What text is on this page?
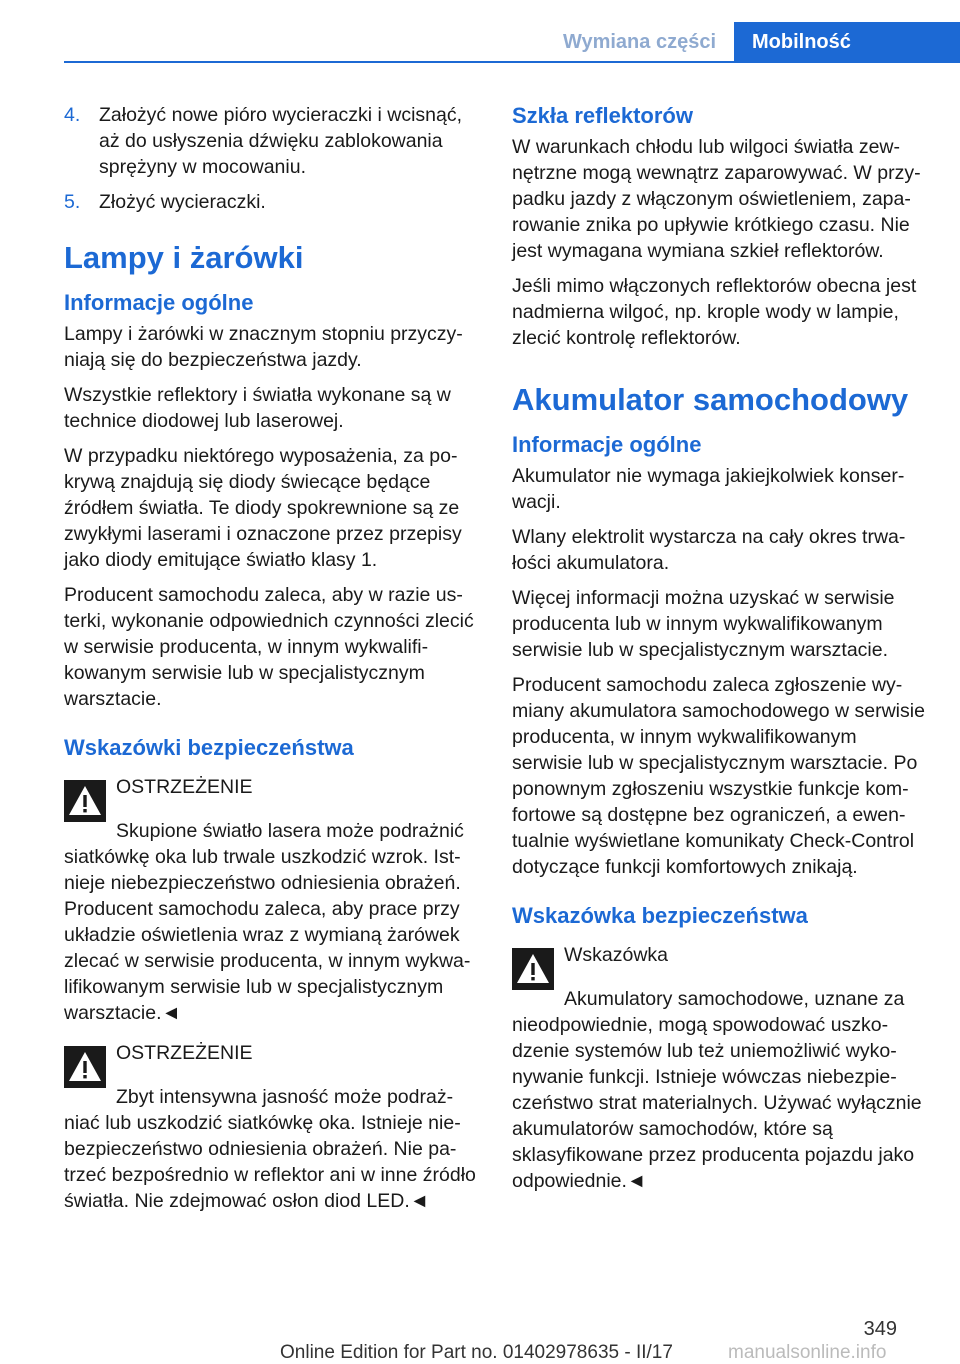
Wymiana części	Mobilność
4. Założyć nowe pióro wycieraczki i wcisnąć, aż do usłyszenia dźwięku zablokowania sprężyny w mocowaniu.
5. Złożyć wycieraczki.
Lampy i żarówki
Informacje ogólne

Lampy i żarówki w znacznym stopniu przyczyniają się do bezpieczeństwa jazdy.

Wszystkie reflektory i światła wykonane są w technice diodowej lub laserowej.

W przypadku niektórego wyposażenia, za pokrywą znajdują się diody świecące będące źródłem światła. Te diody spokrewnione są ze zwykłymi laserami i oznaczone przez przepisy jako diody emitujące światło klasy 1.

Producent samochodu zaleca, aby w razie usterki, wykonanie odpowiednich czynności zlecić w serwisie producenta, w innym wykwalifikowanym serwisie lub w specjalistycznym warsztacie.

Wskazówki bezpieczeństwa
OSTRZEŻENIE

Skupione światło lasera może podrażnić siatkówkę oka lub trwale uszkodzić wzrok. Istnieje niebezpieczeństwo odniesienia obrażeń. Producent samochodu zaleca, aby prace przy układzie oświetlenia wraz z wymianą żarówek zlecać w serwisie producenta, w innym wykwalifikowanym serwisie lub w specjalistycznym warsztacie.◄

OSTRZEŻENIE

Zbyt intensywna jasność może podrażniać lub uszkodzić siatkówkę oka. Istnieje niebezpieczeństwo odniesienia obrażeń. Nie patrzeć bezpośrednio w reflektor ani w inne źródło światła. Nie zdejmować osłon diod LED.◄

Szkła reflektorów

W warunkach chłodu lub wilgoci światła zewnętrzne mogą wewnątrz zaparowywać. W przypadku jazdy z włączonym oświetleniem, zaparowanie znika po upływie krótkiego czasu. Nie jest wymagana wymiana szkieł reflektorów.

Jeśli mimo włączonych reflektorów obecna jest nadmierna wilgoć, np. krople wody w lampie, zlecić kontrolę reflektorów.

Akumulator samochodowy
Informacje ogólne

Akumulator nie wymaga jakiejkolwiek konserwacji.

Wlany elektrolit wystarcza na cały okres trwałości akumulatora.

Więcej informacji można uzyskać w serwisie producenta lub w innym wykwalifikowanym serwisie lub w specjalistycznym warsztacie.

Producent samochodu zaleca zgłoszenie wymiany akumulatora samochodowego w serwisie producenta, w innym wykwalifikowanym serwisie lub w specjalistycznym warsztacie. Po ponownym zgłoszeniu wszystkie funkcje komfortowe są dostępne bez ograniczeń, a ewentualnie wyświetlane komunikaty Check-Control dotyczące funkcji komfortowych znikają.

Wskazówka bezpieczeństwa
Wskazówka

Akumulatory samochodowe, uznane za nieodpowiednie, mogą spowodować uszkodzenie systemów lub też uniemożliwić wykonywanie funkcji. Istnieje wówczas niebezpieczeństwo strat materialnych. Używać wyłącznie akumulatorów samochodów, które są sklasyfikowane przez producenta pojazdu jako odpowiednie.◄

349
Online Edition for Part no. 01402978635 - II/17	manualsonline.info
